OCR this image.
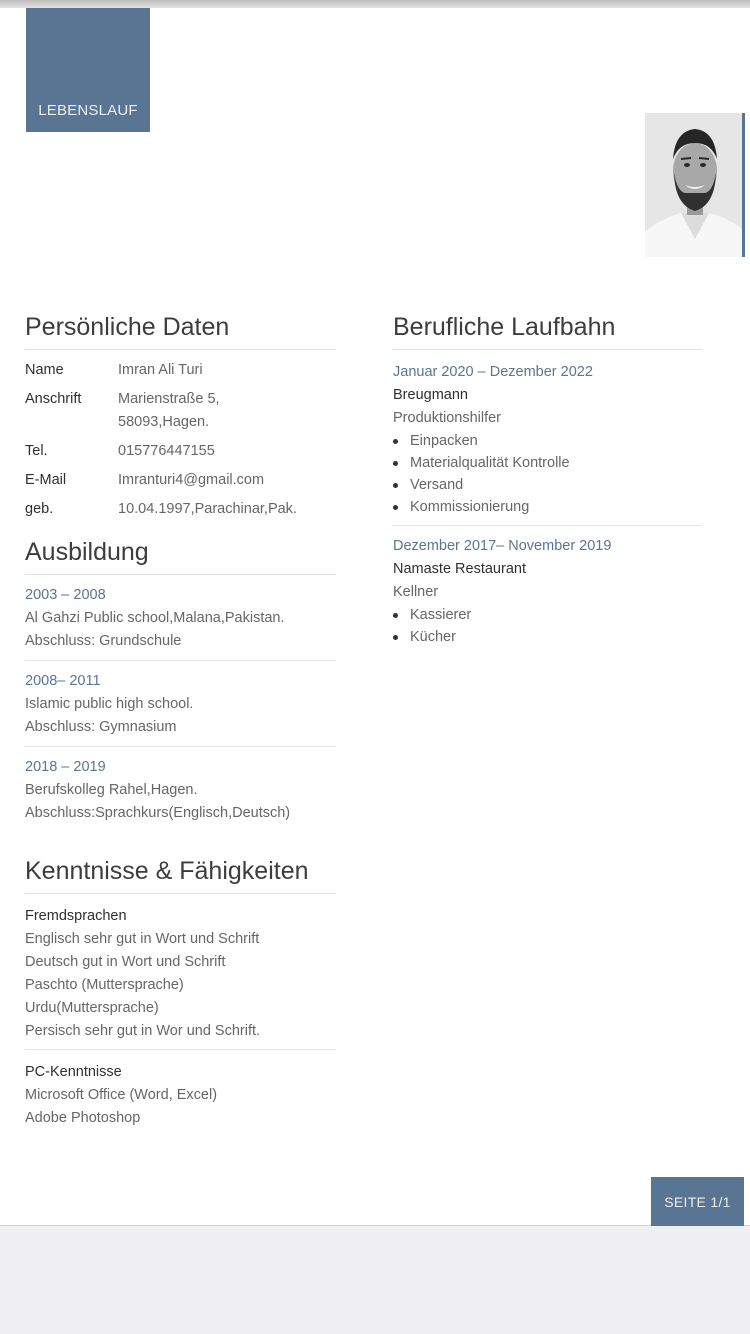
LEBENSLAUF
Persönliche Daten
Name	Imran Ali Turi
Anschrift	Marienstraße 5,
58093,Hagen.
Tel.	015776447155
E-Mail	Imranturi4@gmail.com
geb.	10.04.1997,Parachinar,Pak.
Ausbildung
2003 – 2008
Al Gahzi Public school,Malana,Pakistan.
Abschluss: Grundschule
2008– 2011
Islamic public high school.
Abschluss: Gymnasium
2018 – 2019
Berufskolleg Rahel,Hagen.
Abschluss:Sprachkurs(Englisch,Deutsch)
Kenntnisse & Fähigkeiten
Fremdsprachen
Englisch sehr gut in Wort und Schrift
Deutsch gut in Wort und Schrift
Paschto (Muttersprache)
Urdu(Muttersprache)
Persisch sehr gut in Wor und Schrift.
PC-Kenntnisse
Microsoft Office (Word, Excel)
Adobe Photoshop
Berufliche Laufbahn
Januar 2020 – Dezember 2022
Breugmann
Produktionshilfer
Einpacken
Materialqualität Kontrolle
Versand
Kommissionierung
Dezember 2017– November 2019
Namaste Restaurant
Kellner
Kassierer
Kücher
SEITE 1/1
